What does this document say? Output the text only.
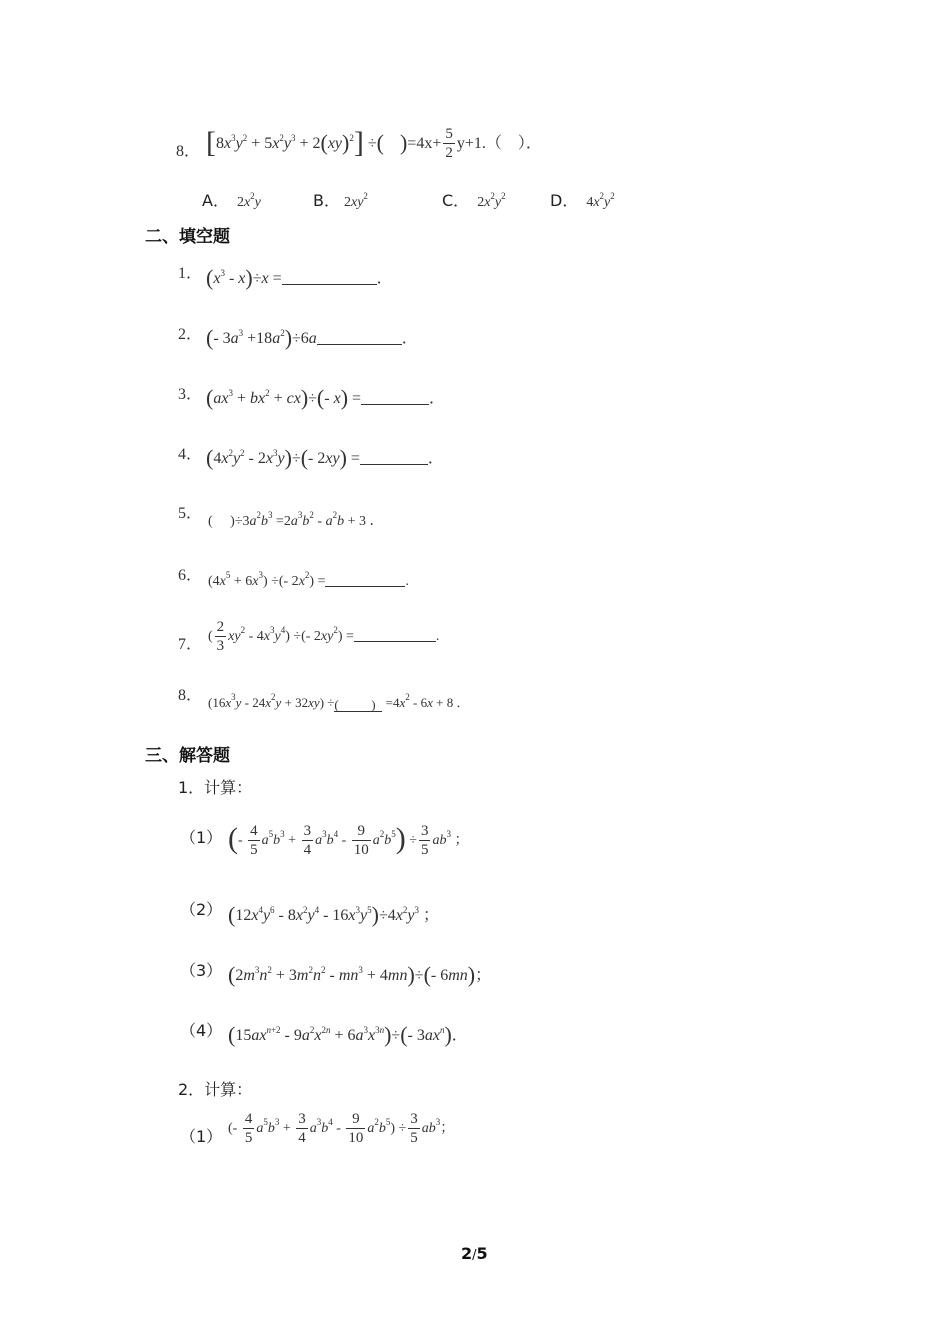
8． $[8x^3y^2 + 5x^2y^3 + 2(xy)^2]$ ÷( )$=4x+ \frac{5}{2} y+1$.（　）．
A． $2x^2y$	B． $2xy^2$	C． $2x^2y^2$	D． $4x^2y^2$
二、填空题
1． $(x^3 - x)\div x$ =	．
2． (- $3a^3 +18a^2)\div 6a$	．
3． $(ax^3 + bx^2 + cx)\div(-$ x) =	．
4． $(4x^2y^2 - 2x^3y)\div(-$ 2xy) =	．
5． (     )$\div 3a^2b^3 =2a^3b^2 - a^2b + 3$ ．
6． $(4x^5 + 6x^3)$ ÷(- $2x^2$) =	.
7． ( $\frac{2}{3} xy^2 - 4x^3y^4$) ÷(- $2xy^2$) =	.
8． $(16x^3y - 24x^2y + 32xy)$ ÷(          ) $=4x^2 - 6x + 8$ ．
三、解答题
1．计算：
（1） (- $\frac{4}{5} a^5b^3 + \frac{3}{4} a^3b^4 - \frac{9}{10} a^2b^5) \div \frac{3}{5} ab^3$ ；
（2） $(12x^4y^6 - 8x^2y^4 - 16x^3y^5)\div 4x^2y^3$ ；
（3） $(2m^3n^2 + 3m^2n^2 - mn^3 + 4mn)\div(-$ 6mn)；
（4） $(15ax^{n+2} - 9a^2x^{2n} + 6a^3x^{3n})\div(-$ $3ax^n$)．
2．计算：
（1） (- $\frac{4}{5} a^5b^3 + \frac{3}{4} a^3b^4 - \frac{9}{10} a^2b^5) \div \frac{3}{5} ab^3$；
2/5
